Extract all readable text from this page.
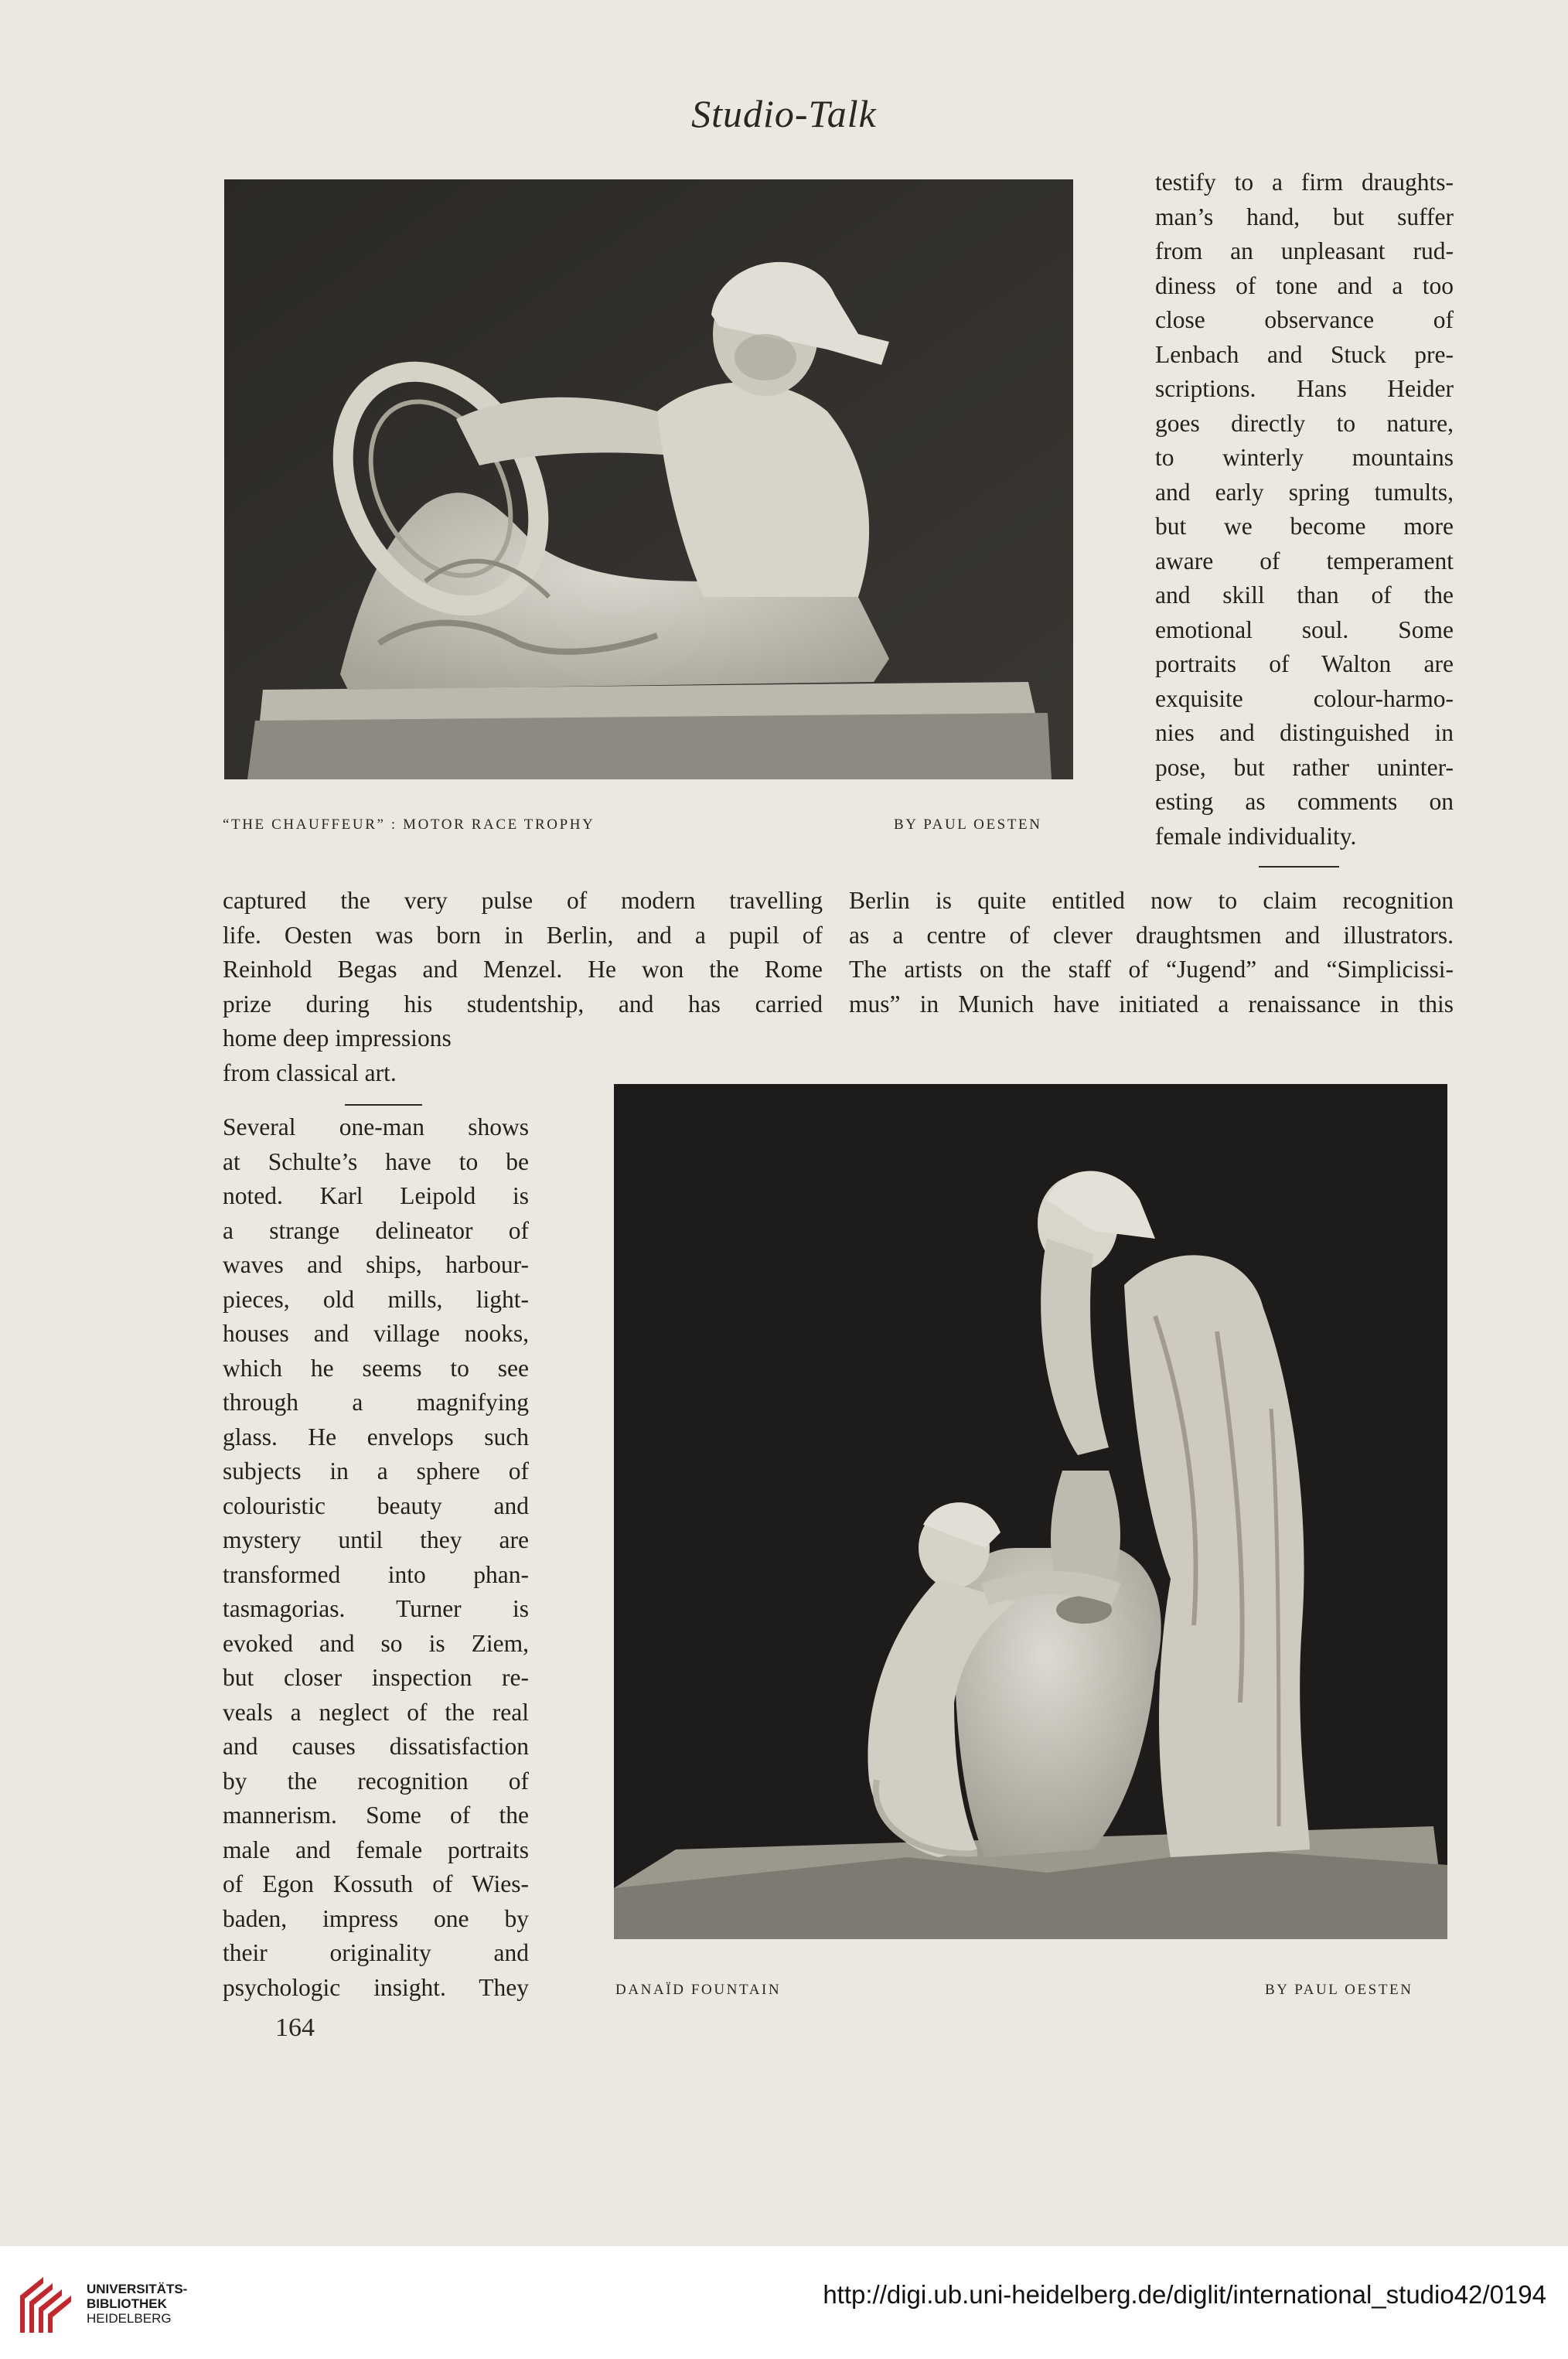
Studio-Talk
“THE CHAUFFEUR” : MOTOR RACE TROPHY	BY PAUL OESTEN
testify to a firm draughts-
man’s hand, but suffer
from an unpleasant rud-
diness of tone and a too
close observance of
Lenbach and Stuck pre-
scriptions. Hans Heider
goes directly to nature,
to winterly mountains
and early spring tumults,
but we become more
aware of temperament
and skill than of the
emotional soul. Some
portraits of Walton are
exquisite colour-harmo-
nies and distinguished in
pose, but rather uninter-
esting as comments on
female individuality.
captured the very pulse of modern travelling
life. Oesten was born in Berlin, and a pupil of
Reinhold Begas and Menzel. He won the Rome
prize during his studentship, and has carried
home deep impressions
from classical art.
Berlin is quite entitled now to claim recognition
as a centre of clever draughtsmen and illustrators.
The artists on the staff of “Jugend” and “Simplicissi-
mus” in Munich have initiated a renaissance in this
Several one-man shows
at Schulte’s have to be
noted. Karl Leipold is
a strange delineator of
waves and ships, harbour-
pieces, old mills, light-
houses and village nooks,
which he seems to see
through a magnifying
glass. He envelops such
subjects in a sphere of
colouristic beauty and
mystery until they are
transformed into phan-
tasmagorias. Turner is
evoked and so is Ziem,
but closer inspection re-
veals a neglect of the real
and causes dissatisfaction
by the recognition of
mannerism. Some of the
male and female portraits
of Egon Kossuth of Wies-
baden, impress one by
their originality and
psychologic insight. They
164
DANAÏD FOUNTAIN	BY PAUL OESTEN
UNIVERSITÄTS-
BIBLIOTHEK
HEIDELBERG
http://digi.ub.uni-heidelberg.de/diglit/international_studio42/0194
